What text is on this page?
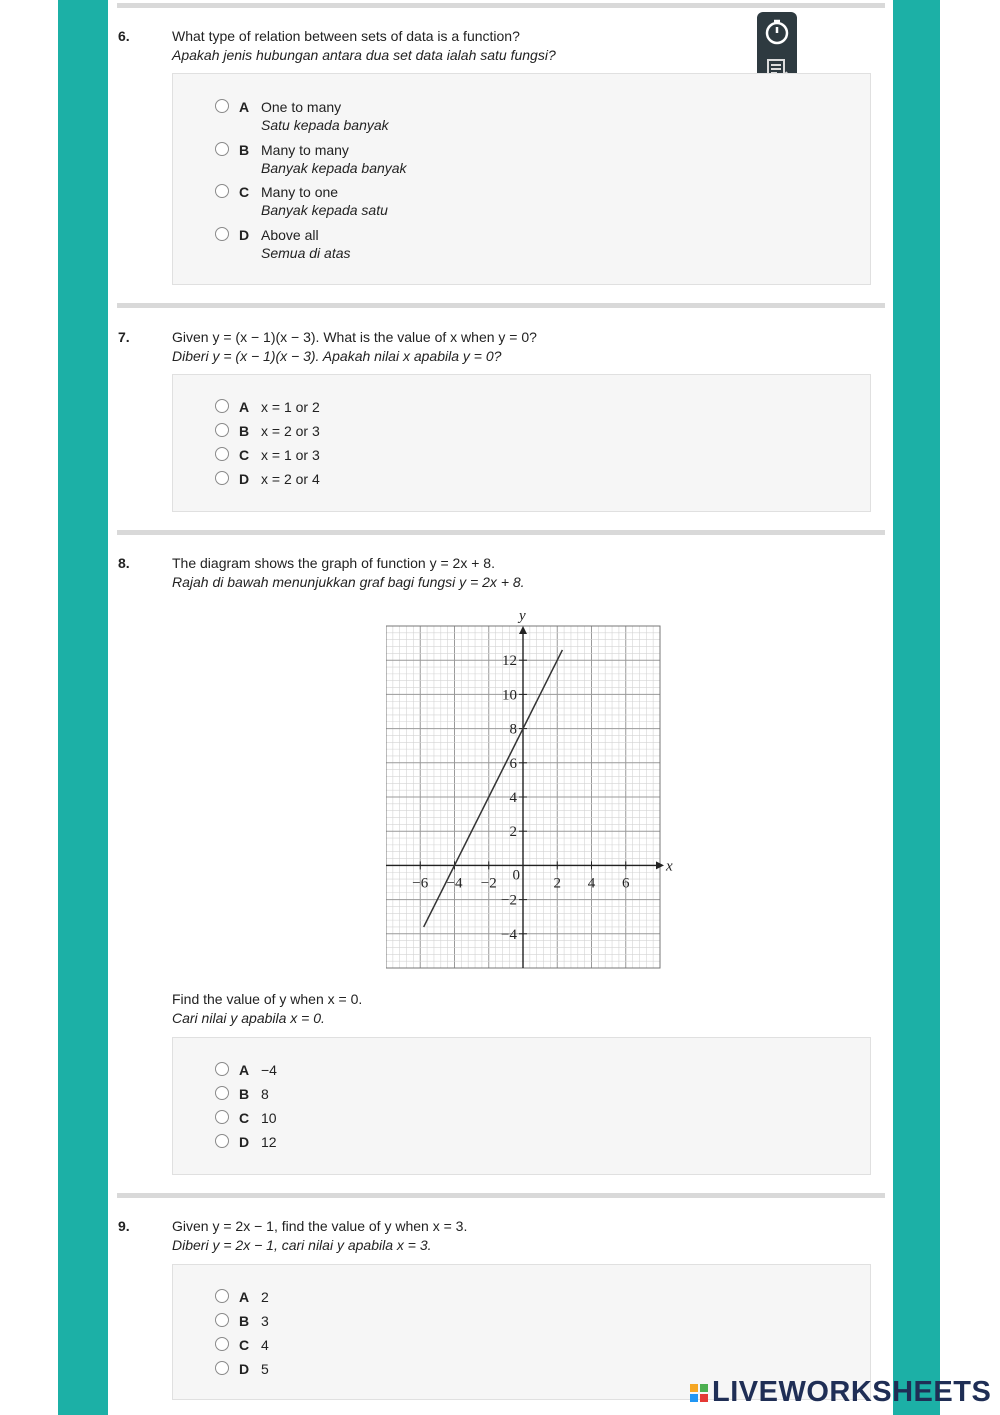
6.	What type of relation between sets of data is a function?
Apakah jenis hubungan antara dua set data ialah satu fungsi?
A One to many
Satu kepada banyak
B Many to many
Banyak kepada banyak
C Many to one
Banyak kepada satu
D Above all
Semua di atas
7.	Given y = (x − 1)(x − 3). What is the value of x when y = 0?
Diberi y = (x − 1)(x − 3). Apakah nilai x apabila y = 0?
A x = 1 or 2
B x = 2 or 3
C x = 1 or 3
D x = 2 or 4
8.	The diagram shows the graph of function y = 2x + 8.
Rajah di bawah menunjukkan graf bagi fungsi y = 2x + 8.
x
y
−6 −4 −2	2 4 6
−4
−2
2
4
6
8
10
12
0
Find the value of y when x = 0.
Cari nilai y apabila x = 0.
A −4
B 8
C 10
D 12
9.	Given y = 2x − 1, find the value of y when x = 3.
Diberi y = 2x − 1, cari nilai y apabila x = 3.
A 2
B 3
C 4
D 5
LIVEWORKSHEETS
